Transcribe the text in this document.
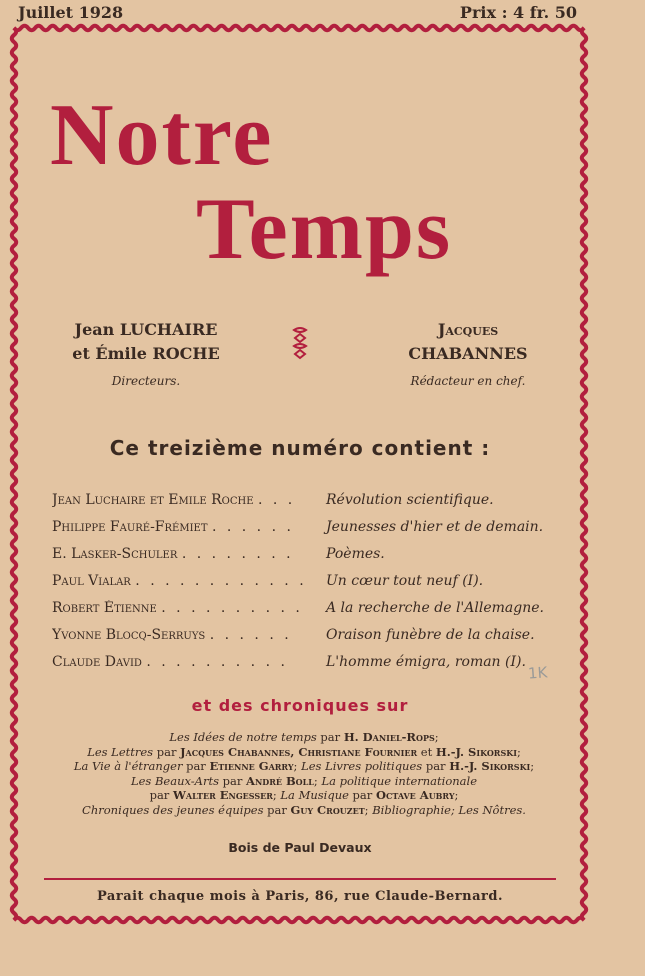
Juillet 1928	Prix : 4 fr. 50
Notre
Temps
Jean LUCHAIRE
et Émile ROCHE
Directeurs.
Jacques
CHABANNES
Rédacteur en chef.
Ce treizième numéro contient :
Jean Luchaire et Emile Roche . . .	Révolution scientifique.
Philippe Fauré-Frémiet . . . . . .	Jeunesses d'hier et de demain.
E. Lasker-Schuler . . . . . . . .	Poèmes.
Paul Vialar . . . . . . . . . . . .	Un cœur tout neuf (I).
Robert Étienne . . . . . . . . . .	A la recherche de l'Allemagne.
Yvonne Blocq-Serruys . . . . . .	Oraison funèbre de la chaise.
Claude David . . . . . . . . . .	L'homme émigra, roman (I).
1K
et des chroniques sur
Les Idées de notre temps par H. Daniel-Rops;
Les Lettres par Jacques Chabannes, Christiane Fournier et H.-J. Sikorski;
La Vie à l'étranger par Etienne Garry; Les Livres politiques par H.-J. Sikorski;
Les Beaux-Arts par André Boll; La politique internationale
par Walter Engesser; La Musique par Octave Aubry;
Chroniques des jeunes équipes par Guy Crouzet; Bibliographie; Les Nôtres.
Bois de Paul Devaux
Parait chaque mois à Paris, 86, rue Claude-Bernard.
